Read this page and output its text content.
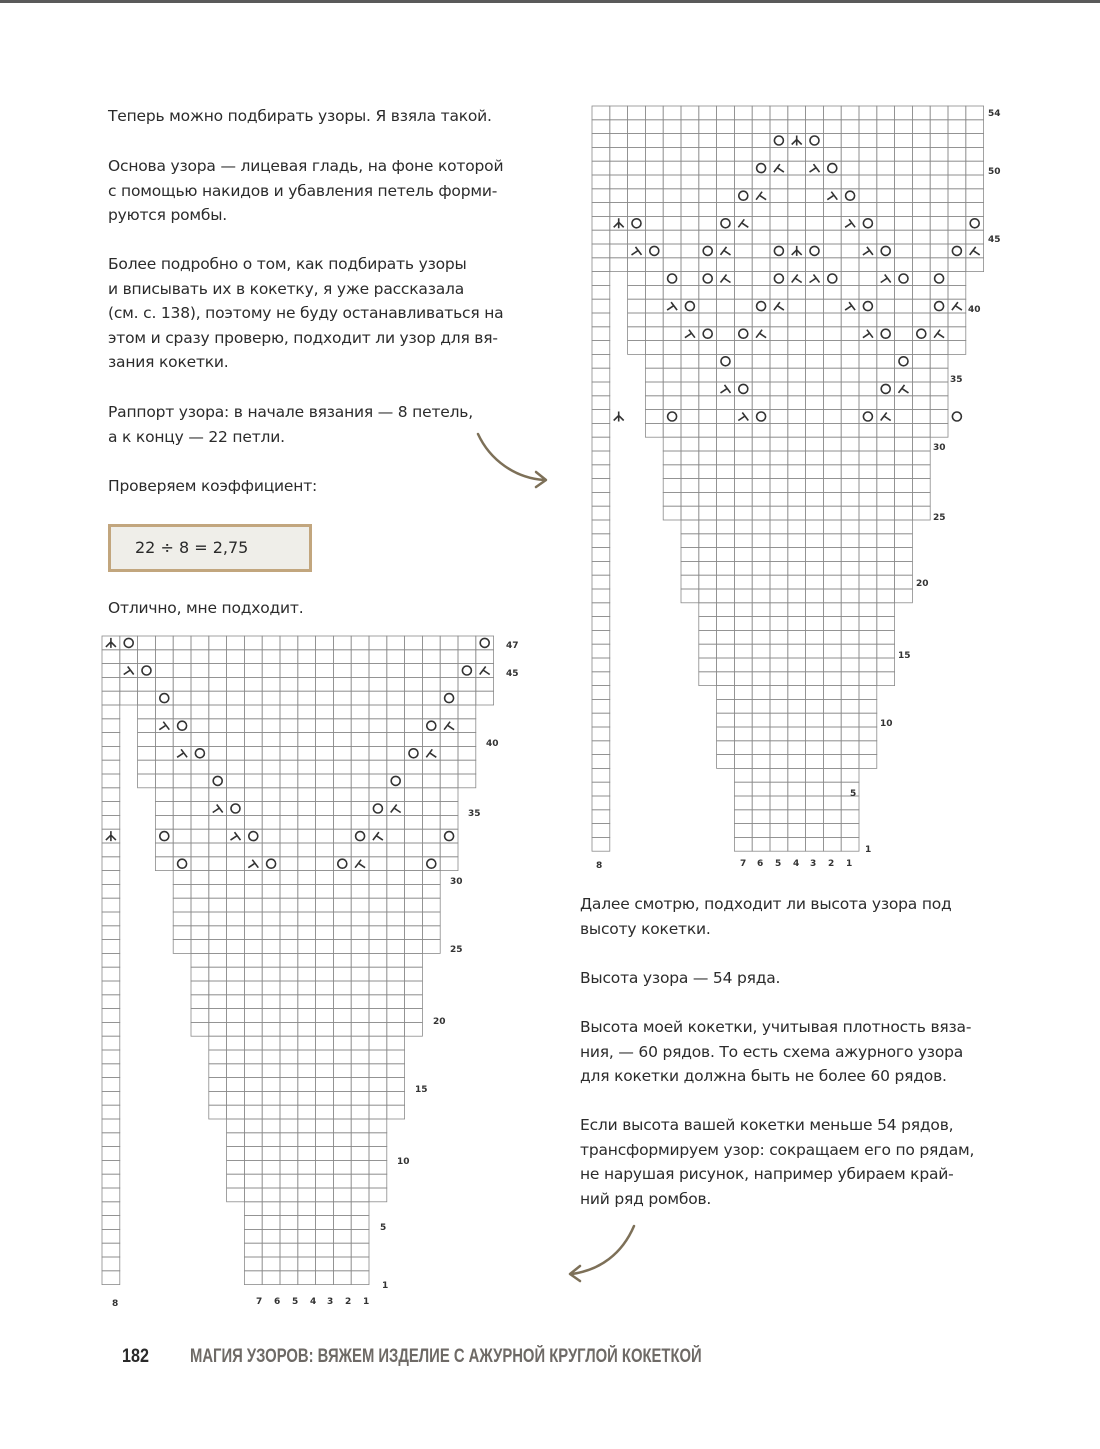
Теперь можно подбирать узоры. Я взяла такой.

Основа узора — лицевая гладь, на фоне которой
с помощью накидов и убавления петель форми-
руются ромбы.
Более подробно о том, как подбирать узоры
и вписывать их в кокетку, я уже рассказала
(см. с. 138), поэтому не буду останавливаться на
этом и сразу проверю, подходит ли узор для вя-
зания кокетки.
Раппорт узора: в начале вязания — 8 петель,
а к концу — 22 петли.

Проверяем коэффициент:

22 ÷ 8 = 2,75

Отлично, мне подходит.

Далее смотрю, подходит ли высота узора под
высоту кокетки.

Высота узора — 54 ряда.

Высота моей кокетки, учитывая плотность вяза-
ния, — 60 рядов. То есть схема ажурного узора
для кокетки должна быть не более 60 рядов.
Если высота вашей кокетки меньше 54 рядов,
трансформируем узор: сокращаем его по рядам,
не нарушая рисунок, например убираем край-
ний ряд ромбов.
54
50
45
40
35
30
25
20
15
10
5
1
8	7 6 5 4 3 2 1
47
45
40
35
30
25
20
15
10
5
1
8	7 6 5 4 3 2 1
182 МАГИЯ УЗОРОВ: ВЯЖЕМ ИЗДЕЛИЕ С АЖУРНОЙ КРУГЛОЙ КОКЕТКОЙ
